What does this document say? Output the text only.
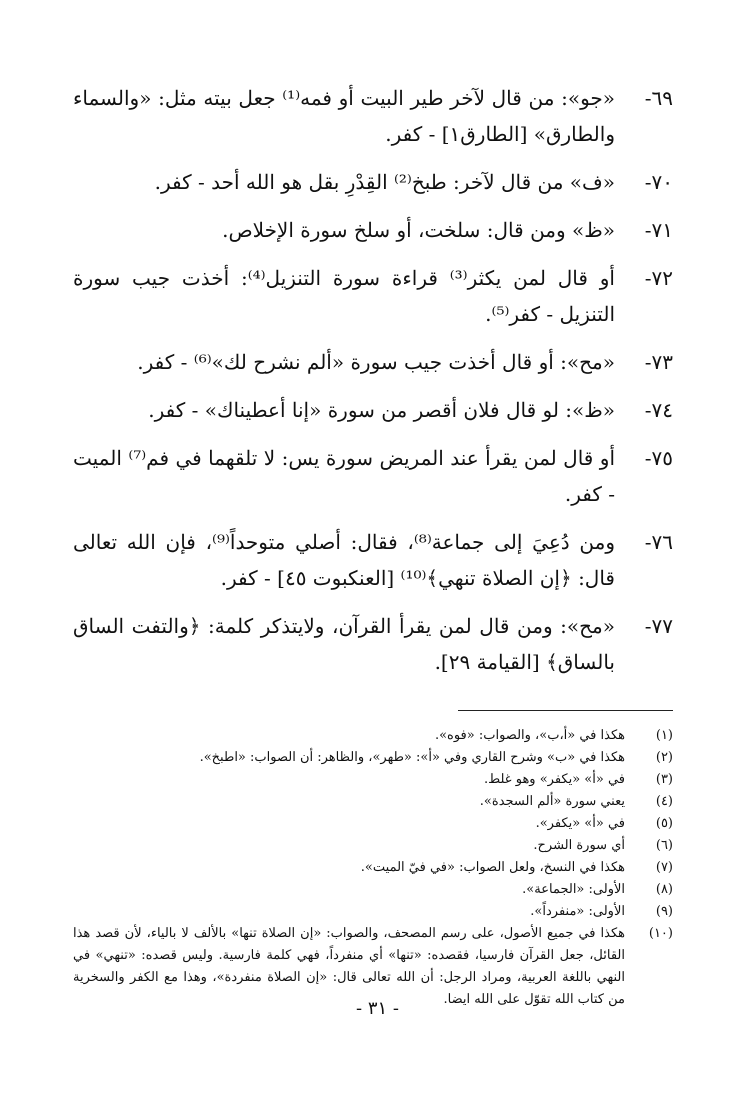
٦٩-
«جو»: من قال لآخر طير البيت أو فمه⁽¹⁾ جعل بيته مثل: «والسماء والطارق» [الطارق١] - كفر.
٧٠-
«ف» من قال لآخر: طبخ⁽²⁾ القِدْرِ بقل هو الله أحد - كفر.
٧١-
«ظ» ومن قال: سلخت، أو سلخ سورة الإخلاص.
٧٢-
أو قال لمن يكثر⁽³⁾ قراءة سورة التنزيل⁽⁴⁾: أخذت جيب سورة التنزيل - كفر⁽⁵⁾.
٧٣-
«مح»: أو قال أخذت جيب سورة «ألم نشرح لك»⁽⁶⁾ - كفر.
٧٤-
«ظ»: لو قال فلان أقصر من سورة «إنا أعطيناك» - كفر.
٧٥-
أو قال لمن يقرأ عند المريض سورة يس: لا تلقهما في فم⁽⁷⁾ الميت - كفر.
٧٦-
ومن دُعِيَ إلى جماعة⁽⁸⁾، فقال: أصلي متوحداً⁽⁹⁾، فإن الله تعالى قال: ﴿إن الصلاة تنهي﴾⁽¹⁰⁾ [العنكبوت ٤٥] - كفر.
٧٧-
«مح»: ومن قال لمن يقرأ القرآن، ولايتذكر كلمة: ﴿والتفت الساق بالساق﴾ [القيامة ٢٩].
(١)
هكذا في «أ،ب»، والصواب: «فوه».
(٢)
هكذا في «ب» وشرح القاري وفي «أ»: «طهر»، والظاهر: أن الصواب: «اطبخ».
(٣)
في «أ» «يكفر» وهو غلط.
(٤)
يعني سورة «ألم السجدة».
(٥)
في «أ» «يكفر».
(٦)
أي سورة الشرح.
(٧)
هكذا في النسخ، ولعل الصواب: «في فيّ الميت».
(٨)
الأولى: «الجماعة».
(٩)
الأولى: «منفرداً».
(١٠)
هكذا في جميع الأصول، على رسم المصحف، والصواب: «إن الصلاة تنها» بالألف لا بالياء، لأن قصد هذا القائل، جعل القرآن فارسيا، فقصده: «تنها» أي منفرداً، فهي كلمة فارسية. وليس قصده: «تنهي» في النهي باللغة العربية، ومراد الرجل: أن الله تعالى قال: «إن الصلاة منفردة»، وهذا مع الكفر والسخرية من كتاب الله تقوّل على الله ايضا.
- ٣١ -
